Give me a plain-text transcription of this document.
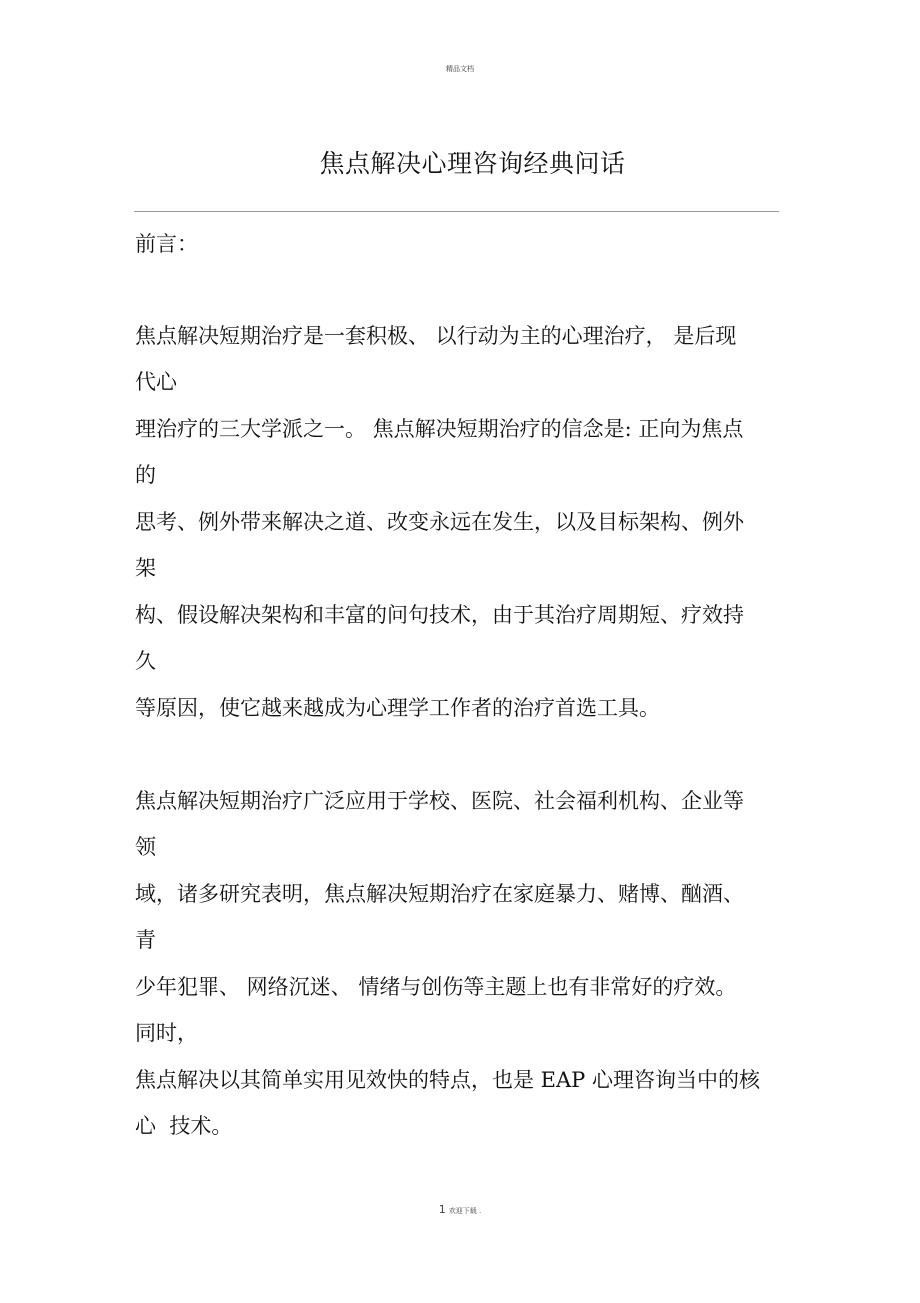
精品文档
焦点解决心理咨询经典问话
前言：
焦点解决短期治疗是一套积极、 以行动为主的心理治疗， 是后现
代心
理治疗的三大学派之一。 焦点解决短期治疗的信念是: 正向为焦点
的
思考、例外带来解决之道、改变永远在发生，以及目标架构、例外
架
构、假设解决架构和丰富的问句技术，由于其治疗周期短、疗效持
久
等原因，使它越来越成为心理学工作者的治疗首选工具。
焦点解决短期治疗广泛应用于学校、医院、社会福利机构、企业等
领
域，诸多研究表明，焦点解决短期治疗在家庭暴力、赌博、酗酒、
青
少年犯罪、 网络沉迷、 情绪与创伤等主题上也有非常好的疗效。
同时，
焦点解决以其简单实用见效快的特点，也是 EAP 心理咨询当中的核
心  技术。
1 欢迎下载 .
